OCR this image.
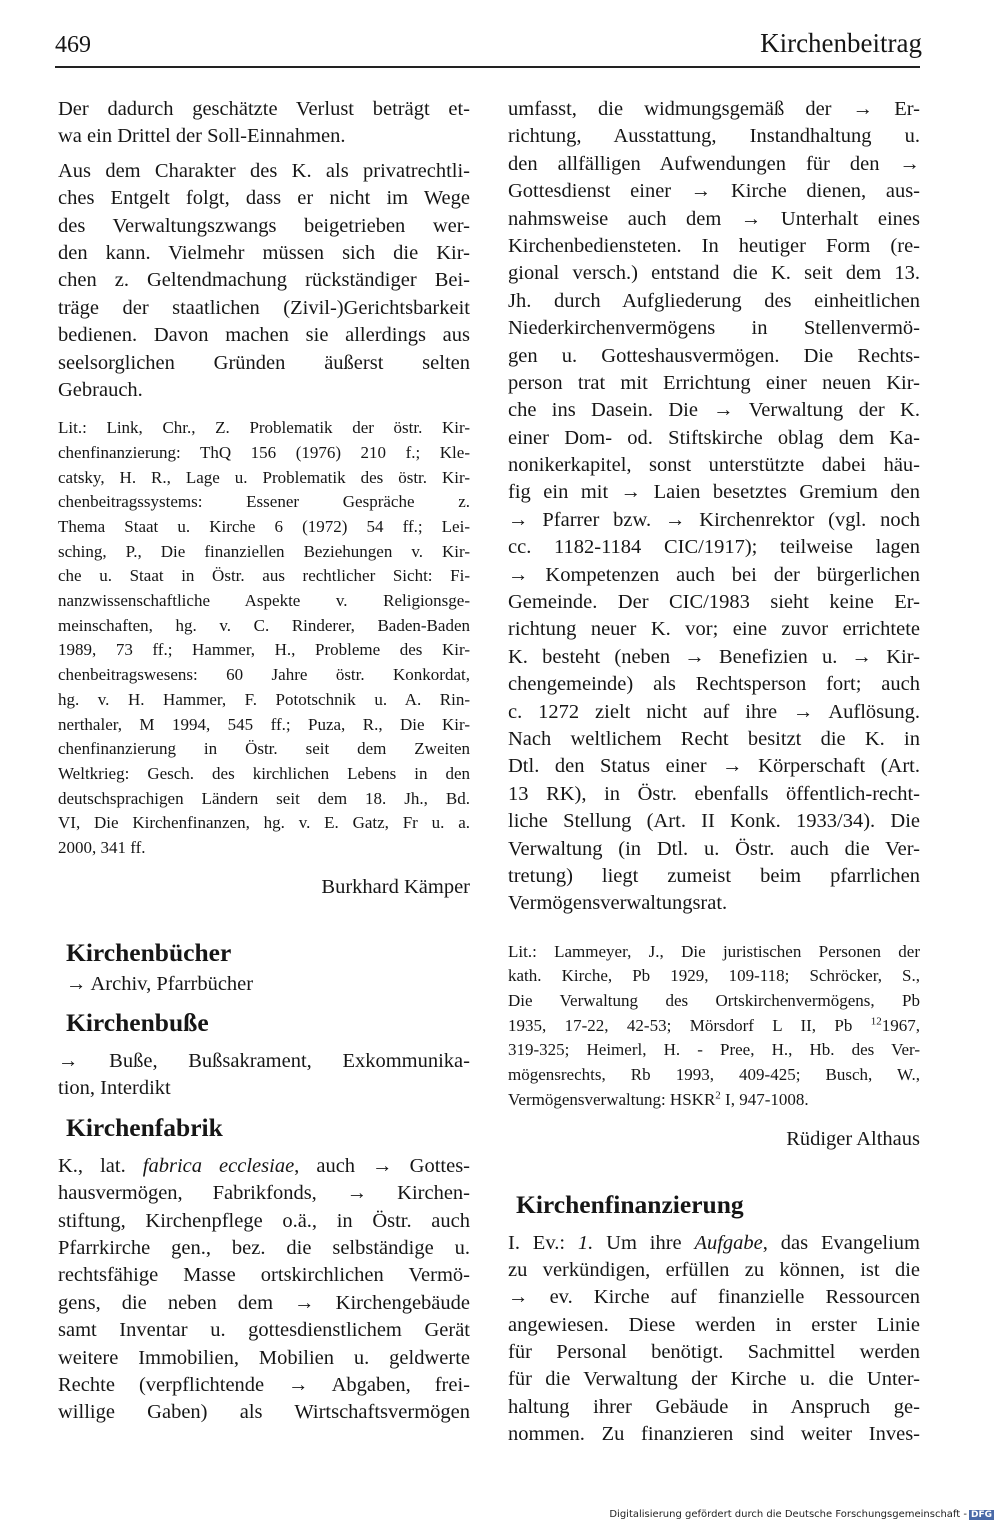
469	Kirchenbeitrag
Der dadurch geschätzte Verlust beträgt et-
wa ein Drittel der Soll-Einnahmen.
Aus dem Charakter des K. als privatrechtli-
ches Entgelt folgt, dass er nicht im Wege
des Verwaltungszwangs beigetrieben wer-
den kann. Vielmehr müssen sich die Kir-
chen z. Geltendmachung rückständiger Bei-
träge der staatlichen (Zivil-)Gerichtsbarkeit
bedienen. Davon machen sie allerdings aus
seelsorglichen Gründen äußerst selten
Gebrauch.
Lit.: Link, Chr., Z. Problematik der östr. Kir-
chenfinanzierung: ThQ 156 (1976) 210 f.; Kle-
catsky, H. R., Lage u. Problematik des östr. Kir-
chenbeitragssystems: Essener Gespräche z.
Thema Staat u. Kirche 6 (1972) 54 ff.; Lei-
sching, P., Die finanziellen Beziehungen v. Kir-
che u. Staat in Östr. aus rechtlicher Sicht: Fi-
nanzwissenschaftliche Aspekte v. Religionsge-
meinschaften, hg. v. C. Rinderer, Baden-Baden
1989, 73 ff.; Hammer, H., Probleme des Kir-
chenbeitragswesens: 60 Jahre östr. Konkordat,
hg. v. H. Hammer, F. Pototschnik u. A. Rin-
nerthaler, M 1994, 545 ff.; Puza, R., Die Kir-
chenfinanzierung in Östr. seit dem Zweiten
Weltkrieg: Gesch. des kirchlichen Lebens in den
deutschsprachigen Ländern seit dem 18. Jh., Bd.
VI, Die Kirchenfinanzen, hg. v. E. Gatz, Fr u. a.
2000, 341 ff.
Burkhard Kämper
Kirchenbücher
→ Archiv, Pfarrbücher
Kirchenbuße
→ Buße, Bußsakrament, Exkommunika-
tion, Interdikt
Kirchenfabrik
K., lat. fabrica ecclesiae, auch → Gottes-
hausvermögen, Fabrikfonds, → Kirchen-
stiftung, Kirchenpflege o.ä., in Östr. auch
Pfarrkirche gen., bez. die selbständige u.
rechtsfähige Masse ortskirchlichen Vermö-
gens, die neben dem → Kirchengebäude
samt Inventar u. gottesdienstlichem Gerät
weitere Immobilien, Mobilien u. geldwerte
Rechte (verpflichtende → Abgaben, frei-
willige Gaben) als Wirtschaftsvermögen
umfasst, die widmungsgemäß der → Er-
richtung, Ausstattung, Instandhaltung u.
den allfälligen Aufwendungen für den →
Gottesdienst einer → Kirche dienen, aus-
nahmsweise auch dem → Unterhalt eines
Kirchenbediensteten. In heutiger Form (re-
gional versch.) entstand die K. seit dem 13.
Jh. durch Aufgliederung des einheitlichen
Niederkirchenvermögens in Stellenvermö-
gen u. Gotteshausvermögen. Die Rechts-
person trat mit Errichtung einer neuen Kir-
che ins Dasein. Die → Verwaltung der K.
einer Dom- od. Stiftskirche oblag dem Ka-
nonikerkapitel, sonst unterstützte dabei häu-
fig ein mit → Laien besetztes Gremium den
→ Pfarrer bzw. → Kirchenrektor (vgl. noch
cc. 1182-1184 CIC/1917); teilweise lagen
→ Kompetenzen auch bei der bürgerlichen
Gemeinde. Der CIC/1983 sieht keine Er-
richtung neuer K. vor; eine zuvor errichtete
K. besteht (neben → Benefizien u. → Kir-
chengemeinde) als Rechtsperson fort; auch
c. 1272 zielt nicht auf ihre → Auflösung.
Nach weltlichem Recht besitzt die K. in
Dtl. den Status einer → Körperschaft (Art.
13 RK), in Östr. ebenfalls öffentlich-recht-
liche Stellung (Art. II Konk. 1933/34). Die
Verwaltung (in Dtl. u. Östr. auch die Ver-
tretung) liegt zumeist beim pfarrlichen
Vermögensverwaltungsrat.
Lit.: Lammeyer, J., Die juristischen Personen der
kath. Kirche, Pb 1929, 109-118; Schröcker, S.,
Die Verwaltung des Ortskirchenvermögens, Pb
1935, 17-22, 42-53; Mörsdorf L II, Pb $^{12}$1967,
319-325; Heimerl, H. - Pree, H., Hb. des Ver-
mögensrechts, Rb 1993, 409-425; Busch, W.,
Vermögensverwaltung: HSKR$^2$ I, 947-1008.
Rüdiger Althaus
Kirchenfinanzierung
I. Ev.: 1. Um ihre Aufgabe, das Evangelium
zu verkündigen, erfüllen zu können, ist die
→ ev. Kirche auf finanzielle Ressourcen
angewiesen. Diese werden in erster Linie
für Personal benötigt. Sachmittel werden
für die Verwaltung der Kirche u. die Unter-
haltung ihrer Gebäude in Anspruch ge-
nommen. Zu finanzieren sind weiter Inves-
Digitalisierung gefördert durch die Deutsche Forschungsgemeinschaft - DFG
